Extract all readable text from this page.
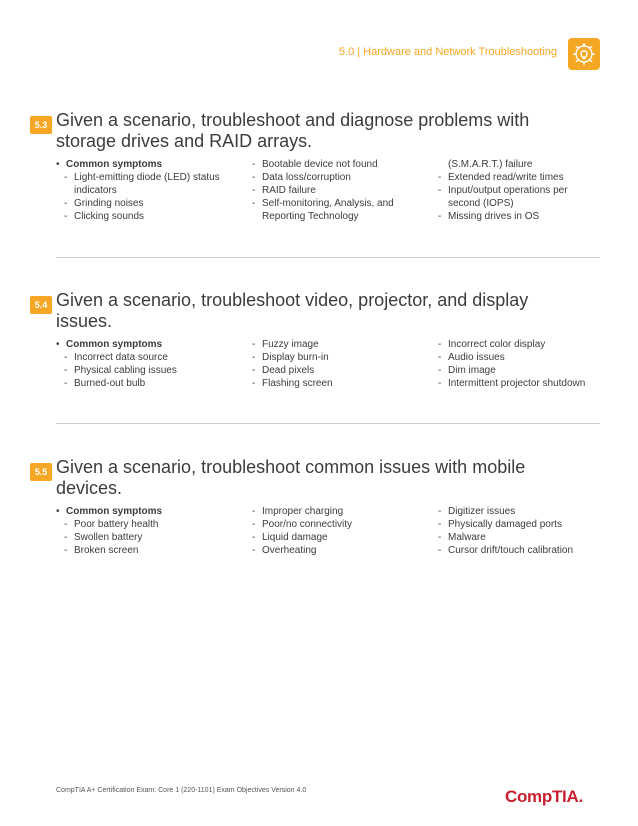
5.0 | Hardware and Network Troubleshooting
5.3 Given a scenario, troubleshoot and diagnose problems with storage drives and RAID arrays.
• Common symptoms
- Light-emitting diode (LED) status indicators
- Grinding noises
- Clicking sounds
- Bootable device not found
- Data loss/corruption
- RAID failure
- Self-monitoring, Analysis, and Reporting Technology
(S.M.A.R.T.) failure
- Extended read/write times
- Input/output operations per second (IOPS)
- Missing drives in OS
5.4 Given a scenario, troubleshoot video, projector, and display issues.
• Common symptoms
- Incorrect data source
- Physical cabling issues
- Burned-out bulb
- Fuzzy image
- Display burn-in
- Dead pixels
- Flashing screen
- Incorrect color display
- Audio issues
- Dim image
- Intermittent projector shutdown
5.5 Given a scenario, troubleshoot common issues with mobile devices.
• Common symptoms
- Poor battery health
- Swollen battery
- Broken screen
- Improper charging
- Poor/no connectivity
- Liquid damage
- Overheating
- Digitizer issues
- Physically damaged ports
- Malware
- Cursor drift/touch calibration
CompTIA A+ Certification Exam: Core 1 (220-1101) Exam Objectives Version 4.0	CompTIA.
